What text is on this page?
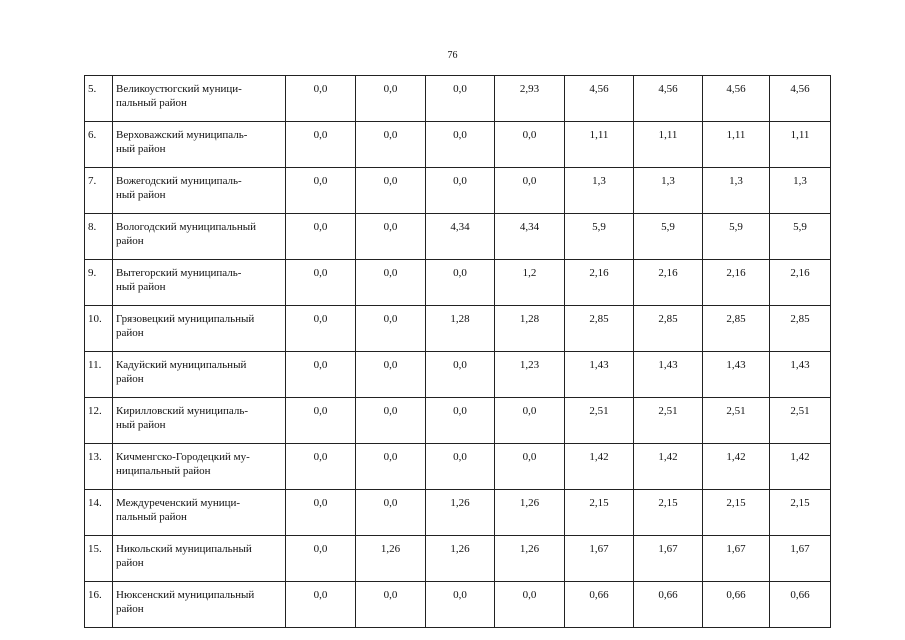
76
5.	Великоустюгский муници-
пальный район	0,0	0,0	0,0	2,93	4,56	4,56	4,56	4,56
6.	Верховажский муниципаль-
ный район	0,0	0,0	0,0	0,0	1,11	1,11	1,11	1,11
7.	Вожегодский муниципаль-
ный район	0,0	0,0	0,0	0,0	1,3	1,3	1,3	1,3
8.	Вологодский муниципальный
район	0,0	0,0	4,34	4,34	5,9	5,9	5,9	5,9
9.	Вытегорский муниципаль-
ный район	0,0	0,0	0,0	1,2	2,16	2,16	2,16	2,16
10.	Грязовецкий муниципальный
район	0,0	0,0	1,28	1,28	2,85	2,85	2,85	2,85
11.	Кадуйский муниципальный
район	0,0	0,0	0,0	1,23	1,43	1,43	1,43	1,43
12.	Кирилловский муниципаль-
ный район	0,0	0,0	0,0	0,0	2,51	2,51	2,51	2,51
13.	Кичменгско-Городецкий му-
ниципальный район	0,0	0,0	0,0	0,0	1,42	1,42	1,42	1,42
14.	Междуреченский муници-
пальный район	0,0	0,0	1,26	1,26	2,15	2,15	2,15	2,15
15.	Никольский муниципальный
район	0,0	1,26	1,26	1,26	1,67	1,67	1,67	1,67
16.	Нюксенский муниципальный
район	0,0	0,0	0,0	0,0	0,66	0,66	0,66	0,66
